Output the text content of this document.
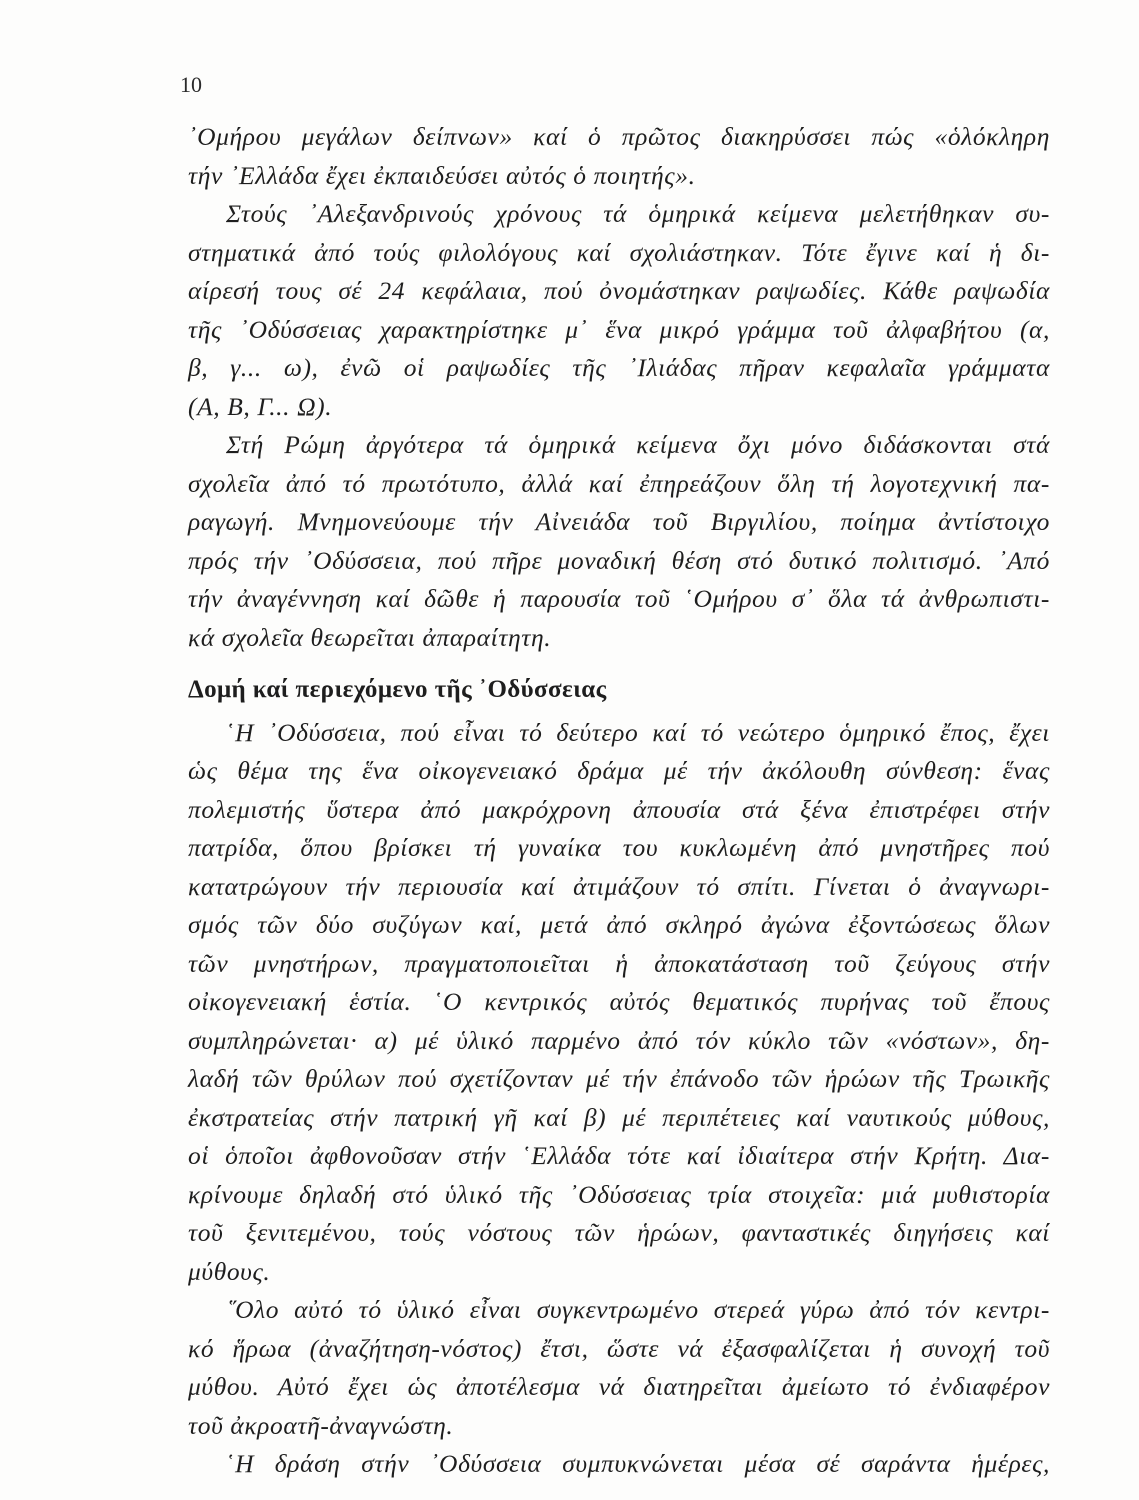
10
᾿Ομήρου μεγάλων δείπνων» καί ὁ πρῶτος διακηρύσσει πώς «ὁλόκληρη
τήν ᾿Ελλάδα ἔχει ἐκπαιδεύσει αὐτός ὁ ποιητής».
Στούς ᾿Αλεξανδρινούς χρόνους τά ὁμηρικά κείμενα μελετήθηκαν συ-
στηματικά ἀπό τούς φιλολόγους καί σχολιάστηκαν. Τότε ἔγινε καί ἡ δι-
αίρεσή τους σέ 24 κεφάλαια, πού ὀνομάστηκαν ραψωδίες. Κάθε ραψωδία
τῆς ᾿Οδύσσειας χαρακτηρίστηκε μ᾿ ἕνα μικρό γράμμα τοῦ ἀλφαβήτου (α,
β, γ... ω), ἐνῶ οἱ ραψωδίες τῆς ᾿Ιλιάδας πῆραν κεφαλαῖα γράμματα
(Α, Β, Γ... Ω).
Στή Ρώμη ἀργότερα τά ὁμηρικά κείμενα ὄχι μόνο διδάσκονται στά
σχολεῖα ἀπό τό πρωτότυπο, ἀλλά καί ἐπηρεάζουν ὅλη τή λογοτεχνική πα-
ραγωγή. Μνημονεύουμε τήν Αἰνειάδα τοῦ Βιργιλίου, ποίημα ἀντίστοιχο
πρός τήν ᾿Οδύσσεια, πού πῆρε μοναδική θέση στό δυτικό πολιτισμό. ᾿Από
τήν ἀναγέννηση καί δῶθε ἡ παρουσία τοῦ ῾Ομήρου σ᾿ ὅλα τά ἀνθρωπιστι-
κά σχολεῖα θεωρεῖται ἀπαραίτητη.
Δομή καί περιεχόμενο τῆς ᾿Οδύσσειας
῾Η ᾿Οδύσσεια, πού εἶναι τό δεύτερο καί τό νεώτερο ὁμηρικό ἔπος, ἔχει
ὡς θέμα της ἕνα οἰκογενειακό δράμα μέ τήν ἀκόλουθη σύνθεση: ἕνας
πολεμιστής ὕστερα ἀπό μακρόχρονη ἀπουσία στά ξένα ἐπιστρέφει στήν
πατρίδα, ὅπου βρίσκει τή γυναίκα του κυκλωμένη ἀπό μνηστῆρες πού
κατατρώγουν τήν περιουσία καί ἀτιμάζουν τό σπίτι. Γίνεται ὁ ἀναγνωρι-
σμός τῶν δύο συζύγων καί, μετά ἀπό σκληρό ἀγώνα ἐξοντώσεως ὅλων
τῶν μνηστήρων, πραγματοποιεῖται ἡ ἀποκατάσταση τοῦ ζεύγους στήν
οἰκογενειακή ἑστία. ῾Ο κεντρικός αὐτός θεματικός πυρήνας τοῦ ἔπους
συμπληρώνεται· α) μέ ὑλικό παρμένο ἀπό τόν κύκλο τῶν «νόστων», δη-
λαδή τῶν θρύλων πού σχετίζονταν μέ τήν ἐπάνοδο τῶν ἡρώων τῆς Τρωικῆς
ἐκστρατείας στήν πατρική γῆ καί β) μέ περιπέτειες καί ναυτικούς μύθους,
οἱ ὁποῖοι ἀφθονοῦσαν στήν ῾Ελλάδα τότε καί ἰδιαίτερα στήν Κρήτη. Δια-
κρίνουμε δηλαδή στό ὑλικό τῆς ᾿Οδύσσειας τρία στοιχεῖα: μιά μυθιστορία
τοῦ ξενιτεμένου, τούς νόστους τῶν ἡρώων, φανταστικές διηγήσεις καί
μύθους.
῞Ολο αὐτό τό ὑλικό εἶναι συγκεντρωμένο στερεά γύρω ἀπό τόν κεντρι-
κό ἥρωα (ἀναζήτηση-νόστος) ἔτσι, ὥστε νά ἐξασφαλίζεται ἡ συνοχή τοῦ
μύθου. Αὐτό ἔχει ὡς ἀποτέλεσμα νά διατηρεῖται ἀμείωτο τό ἐνδιαφέρον
τοῦ ἀκροατῆ-ἀναγνώστη.
῾Η δράση στήν ᾿Οδύσσεια συμπυκνώνεται μέσα σέ σαράντα ἡμέρες,
